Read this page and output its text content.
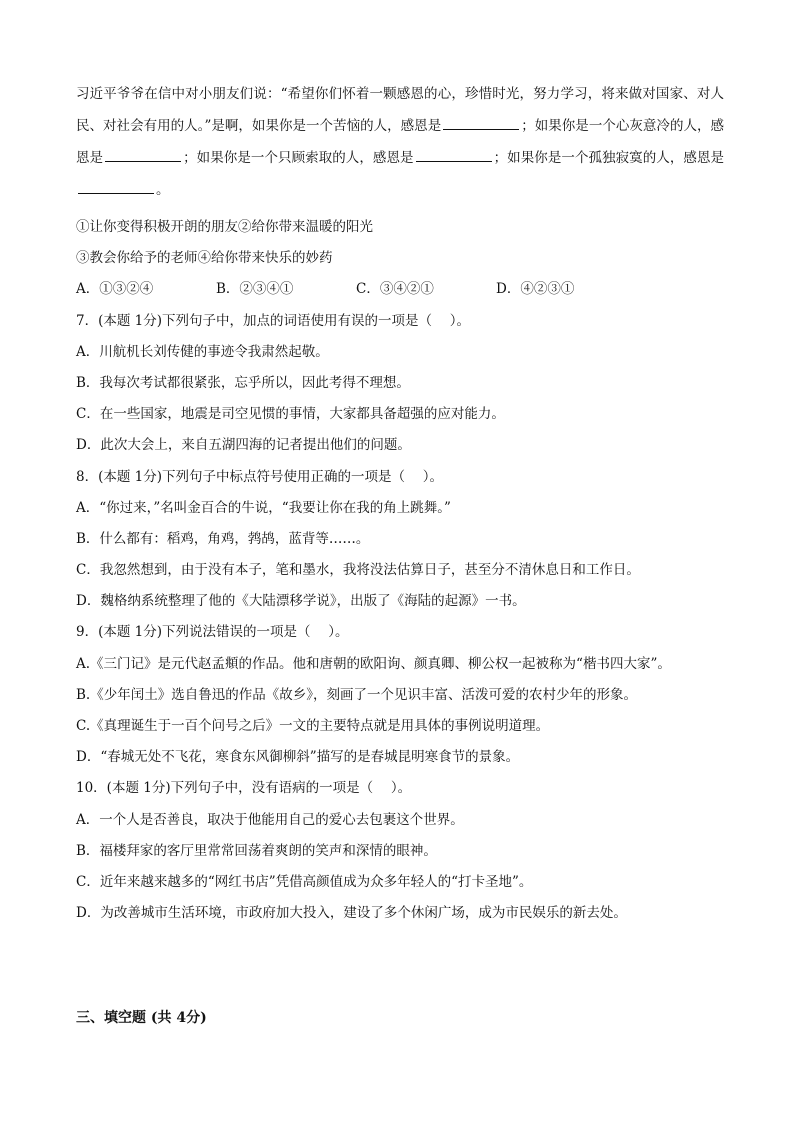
习近平爷爷在信中对小朋友们说：“希望你们怀着一颗感恩的心，珍惜时光，努力学习，将来做对国家、对人民、对社会有用的人。”是啊，如果你是一个苦恼的人，感恩是	；如果你是一个心灰意冷的人，感恩是	；如果你是一个只顾索取的人，感恩是	；如果你是一个孤独寂寞的人，感恩是。

①让你变得积极开朗的朋友②给你带来温暖的阳光

③教会你给予的老师④给你带来快乐的妙药

A．①③②④	B．②③④①	C．③④②①	D．④②③①

7．(本题 1分)下列句子中，加点的词语使用有误的一项是（　 ）。

A．川航机长刘传健的事迹令我肃然起敬。

B．我每次考试都很紧张，忘乎所以，因此考得不理想。

C．在一些国家，地震是司空见惯的事情，大家都具备超强的应对能力。

D．此次大会上，来自五湖四海的记者提出他们的问题。

8．(本题 1分)下列句子中标点符号使用正确的一项是（　 ）。

A．“你过来，”名叫金百合的牛说，“我要让你在我的角上跳舞。”

B．什么都有：稻鸡，角鸡，鹁鸪，蓝背等……。

C．我忽然想到，由于没有本子，笔和墨水，我将没法估算日子，甚至分不清休息日和工作日。

D．魏格纳系统整理了他的《大陆漂移学说》，出版了《海陆的起源》一书。

9．(本题 1分)下列说法错误的一项是（　 ）。

A.《三门记》是元代赵孟頫的作品。他和唐朝的欧阳询、颜真卿、柳公权一起被称为“楷书四大家”。

B.《少年闰土》选自鲁迅的作品《故乡》，刻画了一个见识丰富、活泼可爱的农村少年的形象。

C.《真理诞生于一百个问号之后》一文的主要特点就是用具体的事例说明道理。

D．“春城无处不飞花，寒食东风御柳斜”描写的是春城昆明寒食节的景象。

10．(本题 1分)下列句子中，没有语病的一项是（　 ）。

A．一个人是否善良，取决于他能用自己的爱心去包裹这个世界。

B．福楼拜家的客厅里常常回荡着爽朗的笑声和深情的眼神。

C．近年来越来越多的“网红书店”凭借高颜值成为众多年轻人的“打卡圣地”。

D．为改善城市生活环境，市政府加大投入，建设了多个休闲广场，成为市民娱乐的新去处。

三、填空题 (共 4分)
